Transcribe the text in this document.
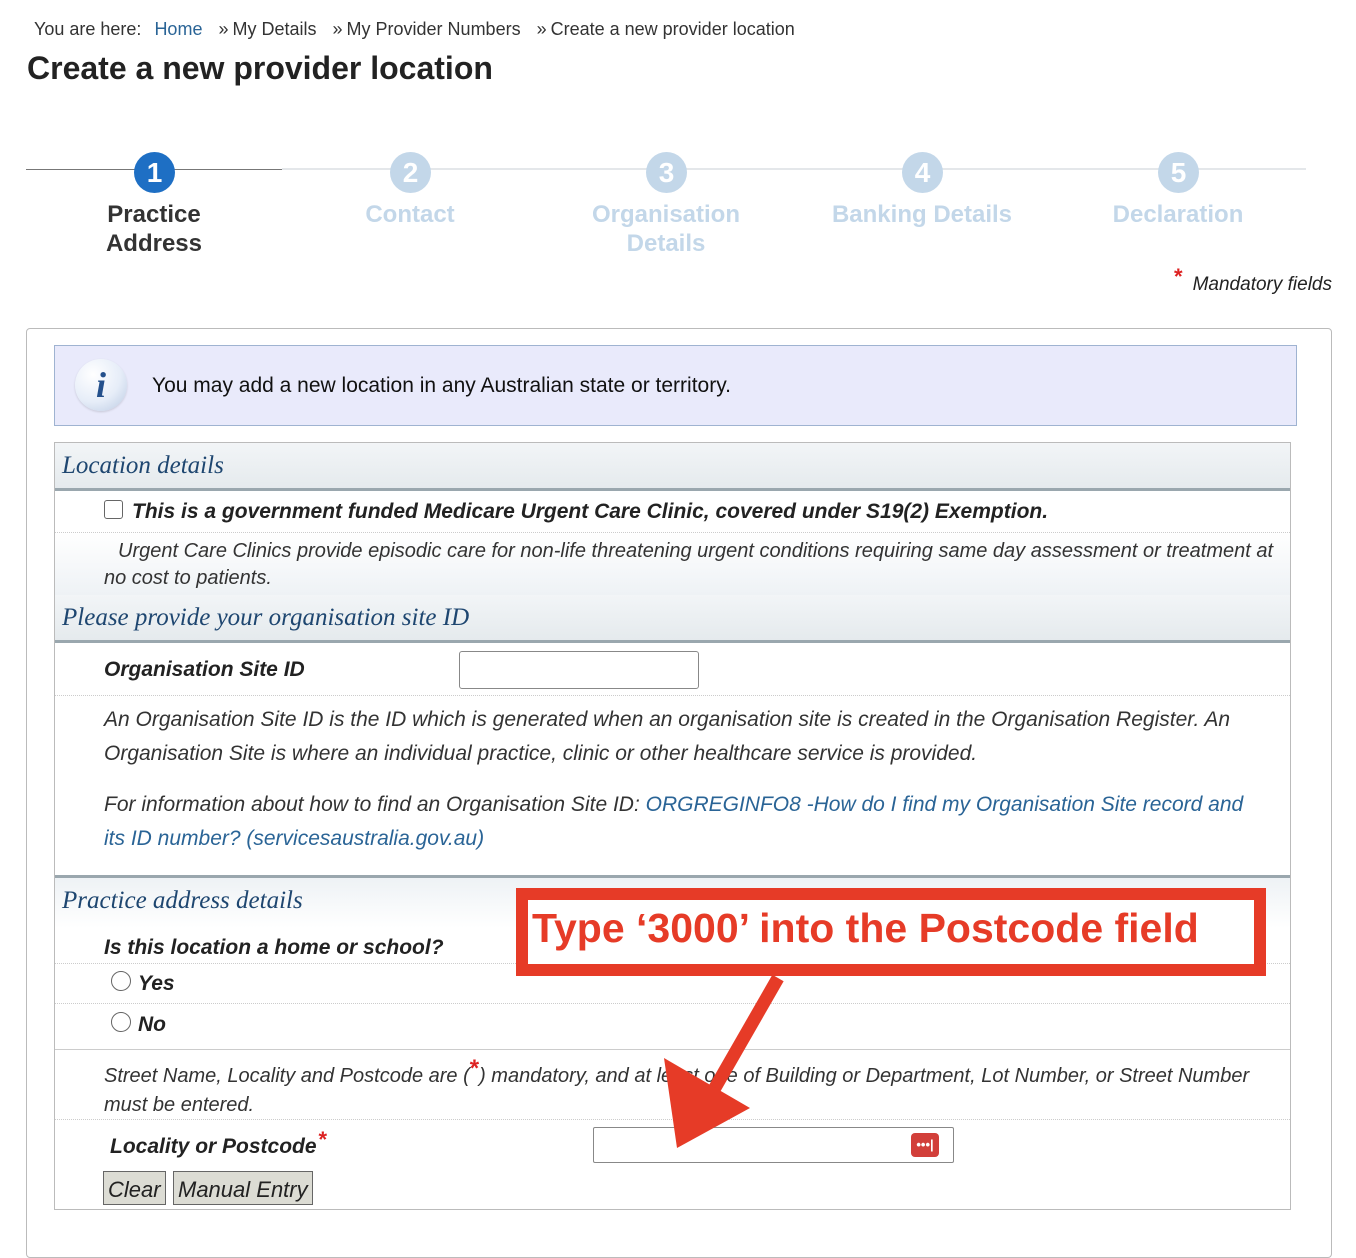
You are here: Home » My Details » My Provider Numbers » Create a new provider location
Create a new provider location
1
Practice Address
2
Contact
3
Organisation Details
4
Banking Details
5
Declaration
* Mandatory fields
i	You may add a new location in any Australian state or territory.
Location details
This is a government funded Medicare Urgent Care Clinic, covered under S19(2) Exemption.
Urgent Care Clinics provide episodic care for non-life threatening urgent conditions requiring same day assessment or treatment at no cost to patients.
Please provide your organisation site ID
Organisation Site ID
An Organisation Site ID is the ID which is generated when an organisation site is created in the Organisation Register. An Organisation Site is where an individual practice, clinic or other healthcare service is provided.
For information about how to find an Organisation Site ID: ORGREGINFO8 -How do I find my Organisation Site record and its ID number? (servicesaustralia.gov.au)
Practice address details
Is this location a home or school?
Yes
No
Street Name, Locality and Postcode are (*) mandatory, and at least one of Building or Department, Lot Number, or Street Number must be entered.
Locality or Postcode*	•••|
Clear Manual Entry
Type ‘3000’ into the Postcode field
